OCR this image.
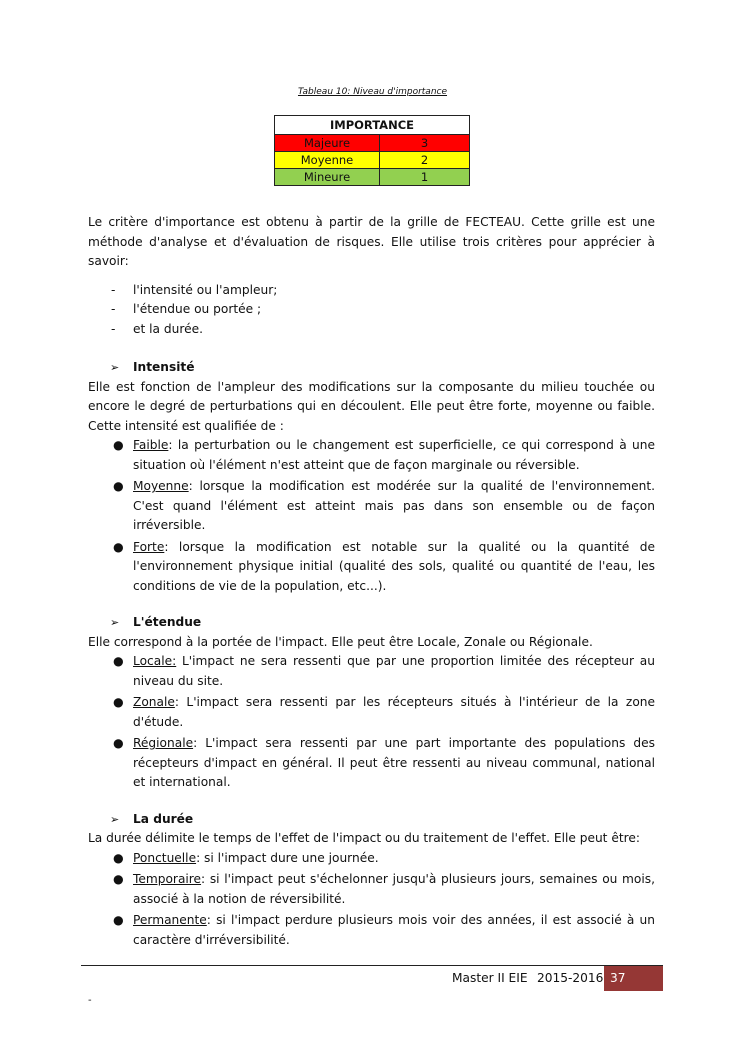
Tableau 10: Niveau d'importance
IMPORTANCE	
Majeure	3
Moyenne	2
Mineure	1

Le critère d'importance est obtenu à partir de la grille de FECTEAU. Cette grille est une méthode d'analyse et d'évaluation de risques. Elle utilise trois critères pour apprécier à savoir:

- l'intensité ou l'ampleur;
- l'étendue ou portée ;
- et la durée.
➢ Intensité

Elle est fonction de l'ampleur des modifications sur la composante du milieu touchée ou encore le degré de perturbations qui en découlent. Elle peut être forte, moyenne ou faible. Cette intensité est qualifiée de :

● Faible: la perturbation ou le changement est superficielle, ce qui correspond à une situation où l'élément n'est atteint que de façon marginale ou réversible.
● Moyenne: lorsque la modification est modérée sur la qualité de l'environnement. C'est quand l'élément est atteint mais pas dans son ensemble ou de façon irréversible.
● Forte: lorsque la modification est notable sur la qualité ou la quantité de l'environnement physique initial (qualité des sols, qualité ou quantité de l'eau, les conditions de vie de la population, etc...).
➢ L'étendue

Elle correspond à la portée de l'impact. Elle peut être Locale, Zonale ou Régionale.

● Locale: L'impact ne sera ressenti que par une proportion limitée des récepteur au niveau du site.
● Zonale: L'impact sera ressenti par les récepteurs situés à l'intérieur de la zone d'étude.
● Régionale: L'impact sera ressenti par une part importante des populations des récepteurs d'impact en général. Il peut être ressenti au niveau communal, national et international.
➢ La durée

La durée délimite le temps de l'effet de l'impact ou du traitement de l'effet. Elle peut être:

● Ponctuelle: si l'impact dure une journée.
● Temporaire: si l'impact peut s'échelonner jusqu'à plusieurs jours, semaines ou mois, associé à la notion de réversibilité.
● Permanente: si l'impact perdure plusieurs mois voir des années, il est associé à un caractère d'irréversibilité.
Master II EIE 2015-2016 37
-
